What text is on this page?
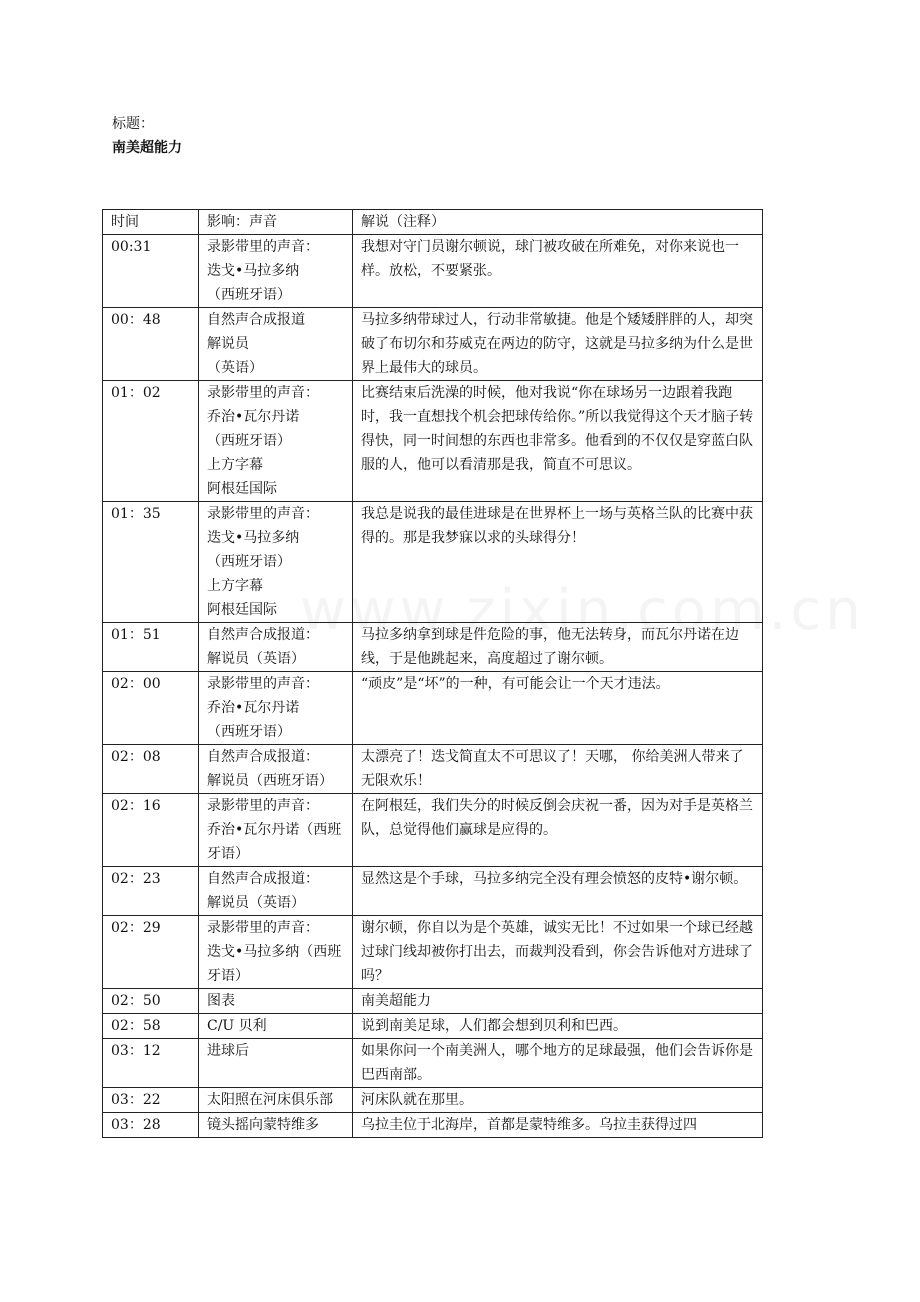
标题：
南美超能力
时间	影响：声音	解说（注释）
00:31	录影带里的声音：
迭戈•马拉多纳
（西班牙语）	我想对守门员谢尔顿说，球门被攻破在所难免，对你来说也一样。放松，不要紧张。
00：48	自然声合成报道
解说员
（英语）	马拉多纳带球过人，行动非常敏捷。他是个矮矮胖胖的人，却突破了布切尔和芬威克在两边的防守，这就是马拉多纳为什么是世界上最伟大的球员。
01：02	录影带里的声音：
乔治•瓦尔丹诺
（西班牙语）
上方字幕
阿根廷国际	比赛结束后洗澡的时候，他对我说“你在球场另一边跟着我跑时，我一直想找个机会把球传给你。”所以我觉得这个天才脑子转得快，同一时间想的东西也非常多。他看到的不仅仅是穿蓝白队服的人，他可以看清那是我，简直不可思议。
01：35	录影带里的声音：
迭戈•马拉多纳
（西班牙语）
上方字幕
阿根廷国际	我总是说我的最佳进球是在世界杯上一场与英格兰队的比赛中获得的。那是我梦寐以求的头球得分！
01：51	自然声合成报道：
解说员（英语）	马拉多纳拿到球是件危险的事，他无法转身，而瓦尔丹诺在边线，于是他跳起来，高度超过了谢尔顿。
02：00	录影带里的声音：
乔治•瓦尔丹诺
（西班牙语）	“顽皮”是“坏”的一种，有可能会让一个天才违法。
02：08	自然声合成报道：
解说员（西班牙语）	太漂亮了！迭戈简直太不可思议了！天哪， 你给美洲人带来了无限欢乐！
02：16	录影带里的声音：
乔治•瓦尔丹诺（西班牙语）	在阿根廷，我们失分的时候反倒会庆祝一番，因为对手是英格兰队，总觉得他们赢球是应得的。
02：23	自然声合成报道：
解说员（英语）	显然这是个手球，马拉多纳完全没有理会愤怒的皮特•谢尔顿。
02：29	录影带里的声音：
迭戈•马拉多纳（西班牙语）	谢尔顿，你自以为是个英雄，诚实无比！不过如果一个球已经越过球门线却被你打出去，而裁判没看到，你会告诉他对方进球了吗？
02：50	图表	南美超能力
02：58	C/U 贝利	说到南美足球，人们都会想到贝利和巴西。
03：12	进球后	如果你问一个南美洲人，哪个地方的足球最强，他们会告诉你是巴西南部。
03：22	太阳照在河床俱乐部	河床队就在那里。
03：28	镜头摇向蒙特维多	乌拉圭位于北海岸，首都是蒙特维多。乌拉圭获得过四
